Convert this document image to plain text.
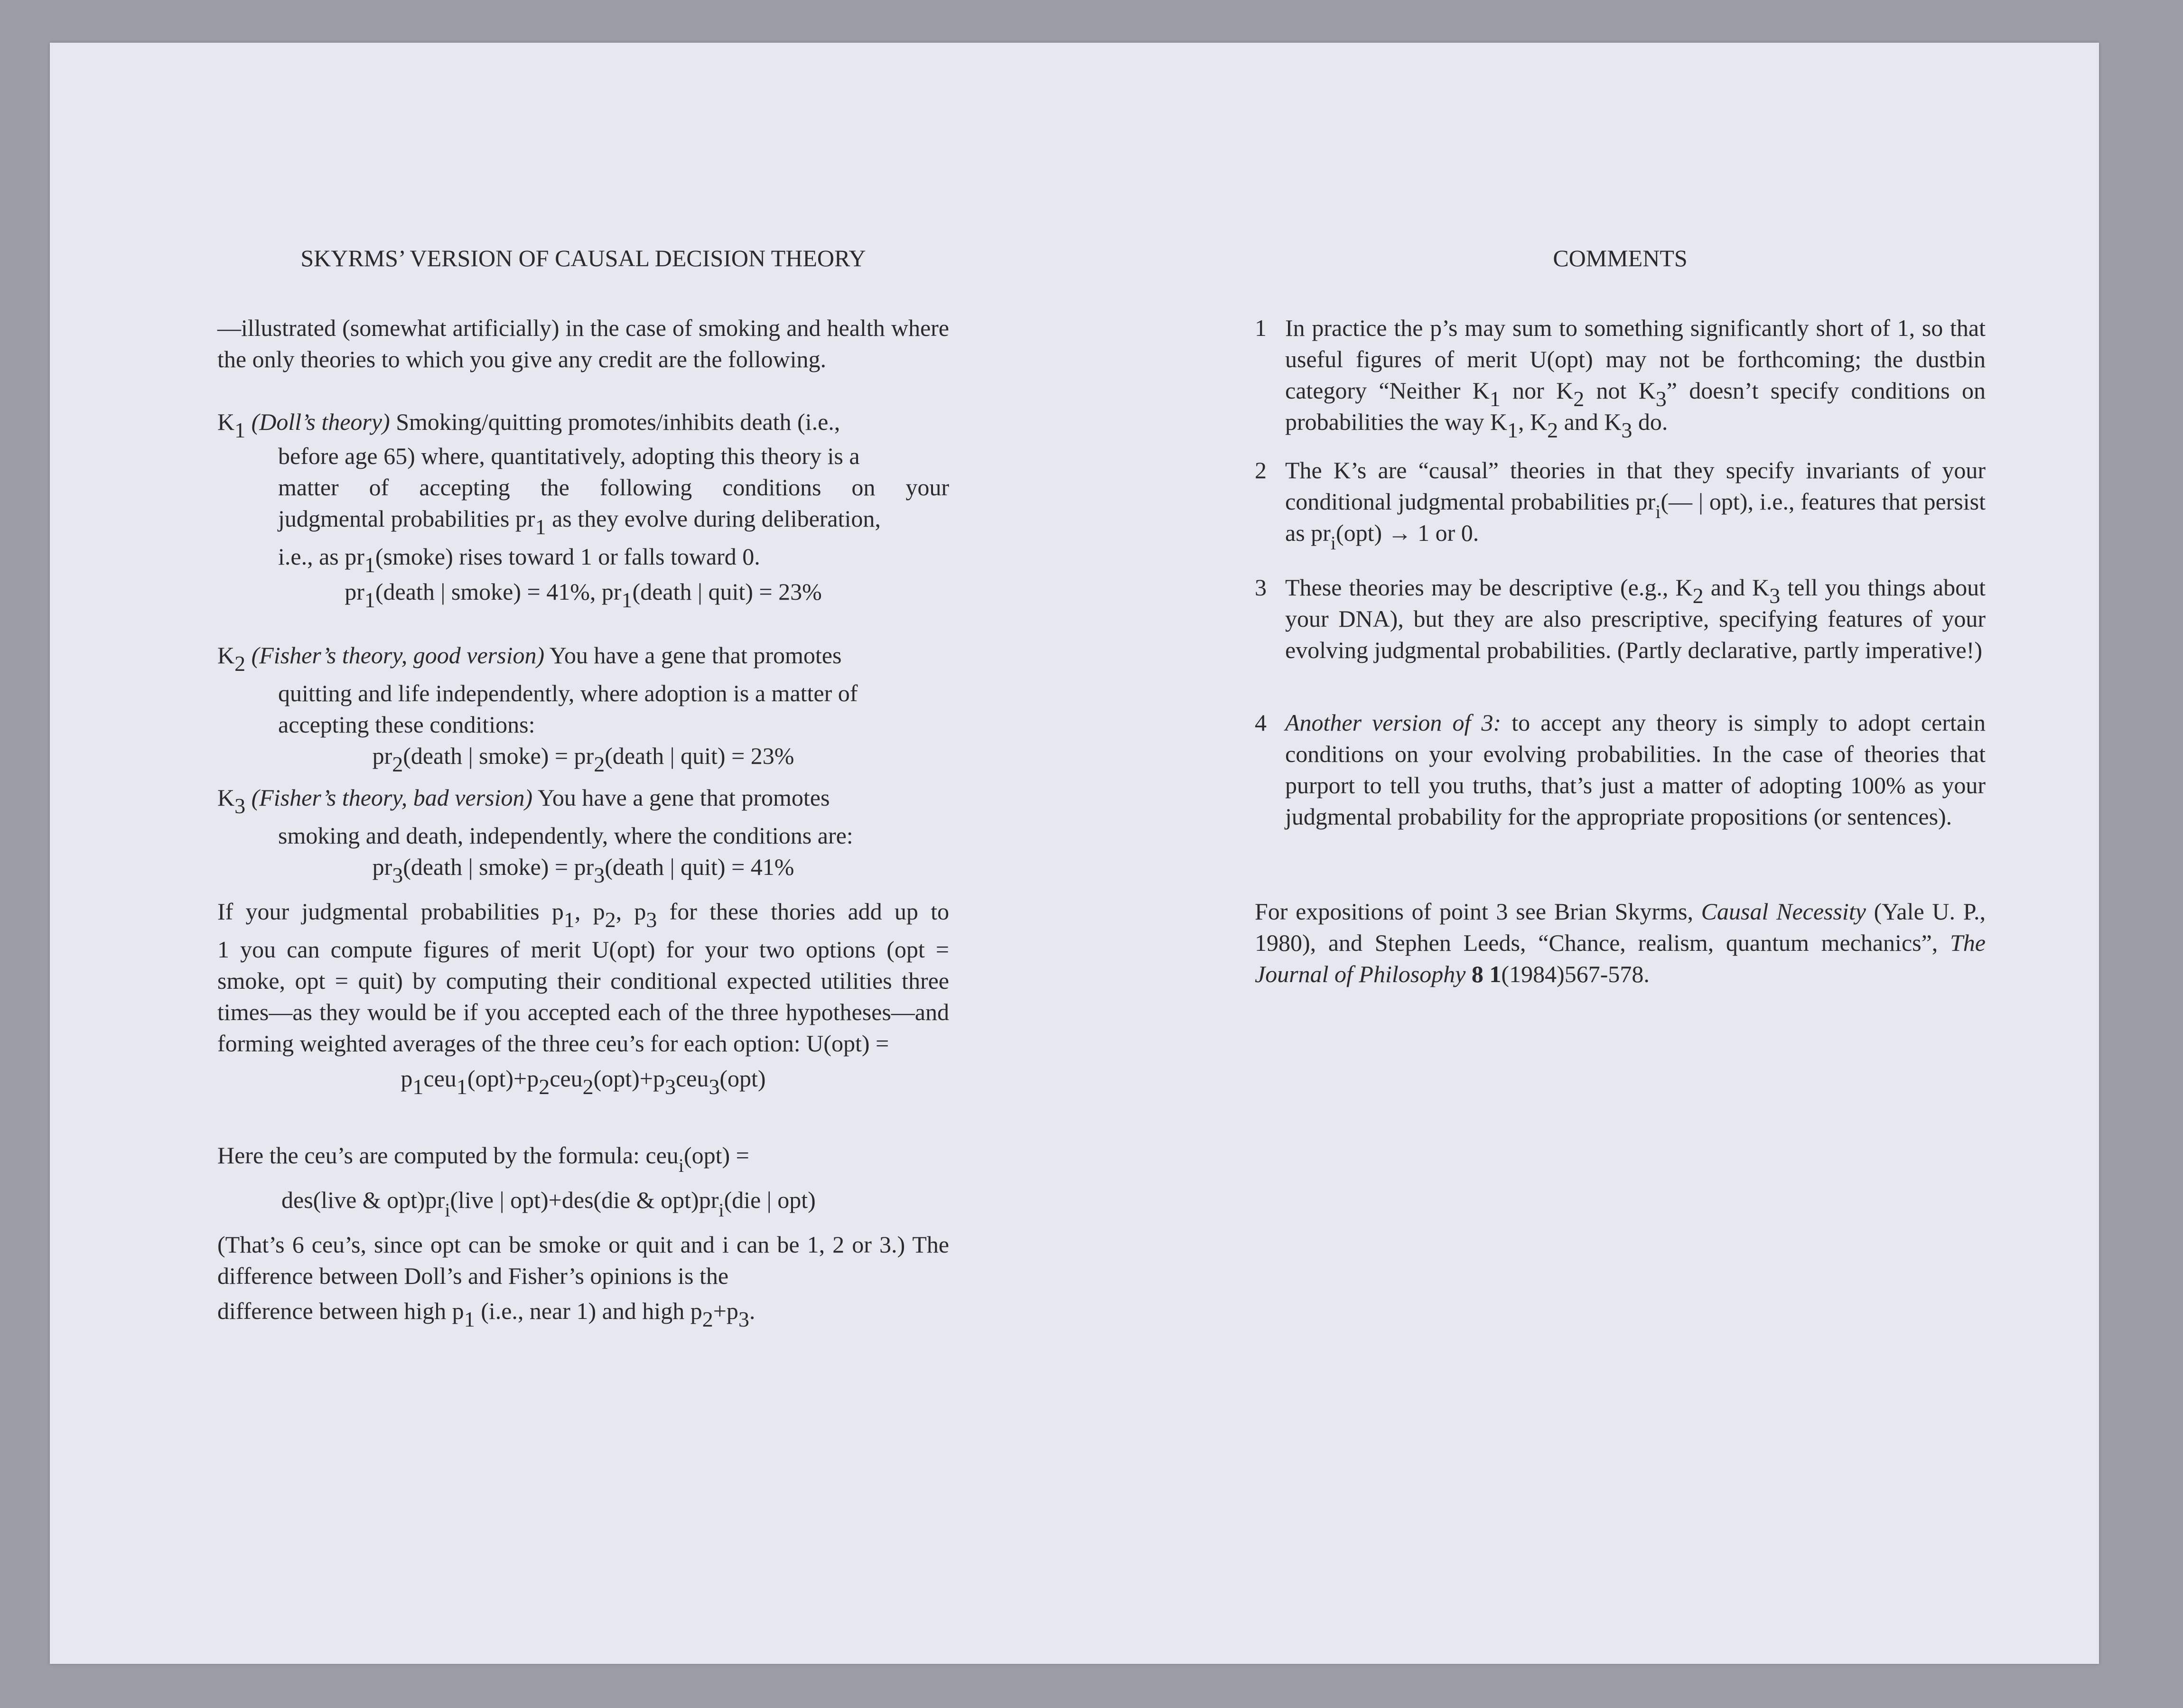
SKYRMS’ VERSION OF CAUSAL DECISION THEORY

—illustrated (somewhat artificially) in the case of smoking and health where the only theories to which you give any credit are the following.

$K_1$ (Doll’s theory) Smoking/quitting promotes/inhibits death (i.e.,
before age 65) where, quantitatively, adopting this theory is a
matter of accepting the following conditions on your
judgmental probabilities $pr_1$ as they evolve during deliberation,
i.e., as $pr_1(smoke)$ rises toward 1 or falls toward 0.
$pr_1(death$ | smoke) = 41%, $pr_1(death$ | quit) = 23%
$K_2$ (Fisher’s theory, good version) You have a gene that promotes
quitting and life independently, where adoption is a matter of
accepting these conditions:
$pr_2(death$ | smoke) = $pr_2(death$ | quit) = 23%
$K_3$ (Fisher’s theory, bad version) You have a gene that promotes
smoking and death, independently, where the conditions are:
$pr_3(death$ | smoke) = $pr_3(death$ | quit) = 41%
If your judgmental probabilities $p_1$, $p_2$, $p_3$ for these thories add up to
1 you can compute figures of merit U(opt) for your two options (opt = smoke, opt = quit) by computing their conditional expected utilities three times—as they would be if you accepted each of the three hypotheses—and forming weighted averages of the three ceu’s for each option: U(opt) =
$p_1ceu_1(opt)+p_2ceu_2(opt)+p_3ceu_3(opt)$
Here the ceu’s are computed by the formula: ceu$_i$(opt) =
des(live & $opt)pr_i(live$ | opt)+des(die & $opt)pr_i(die$ | opt)
(That’s 6 ceu’s, since opt can be smoke or quit and i can be 1, 2 or 3.) The difference between Doll’s and Fisher’s opinions is the
difference between high $p_1$ (i.e., near 1) and high $p_2+p_3$.
COMMENTS
1 In practice the p’s may sum to something significantly short of 1, so that useful figures of merit U(opt) may not be forthcoming; the dustbin category “Neither $K_1$ nor $K_2$ not $K_3$” doesn’t specify conditions on probabilities the way $K_1$, $K_2$ and $K_3$ do.
2 The K’s are “causal” theories in that they specify invariants of your conditional judgmental probabilities $pr_i(—$ | opt), i.e., features that persist as $pr_i(opt) \to 1$ or 0.
3 These theories may be descriptive (e.g., $K_2$ and $K_3$ tell you things about your DNA), but they are also prescriptive, specifying features of your evolving judgmental probabilities. (Partly declarative, partly imperative!)
4 Another version of 3: to accept any theory is simply to adopt certain conditions on your evolving probabilities. In the case of theories that purport to tell you truths, that’s just a matter of adopting 100% as your judgmental probability for the appropriate propositions (or sentences).
For expositions of point 3 see Brian Skyrms, Causal Necessity (Yale U. P., 1980), and Stephen Leeds, “Chance, realism, quantum mechanics”, The Journal of Philosophy 8 1(1984)567-578.
